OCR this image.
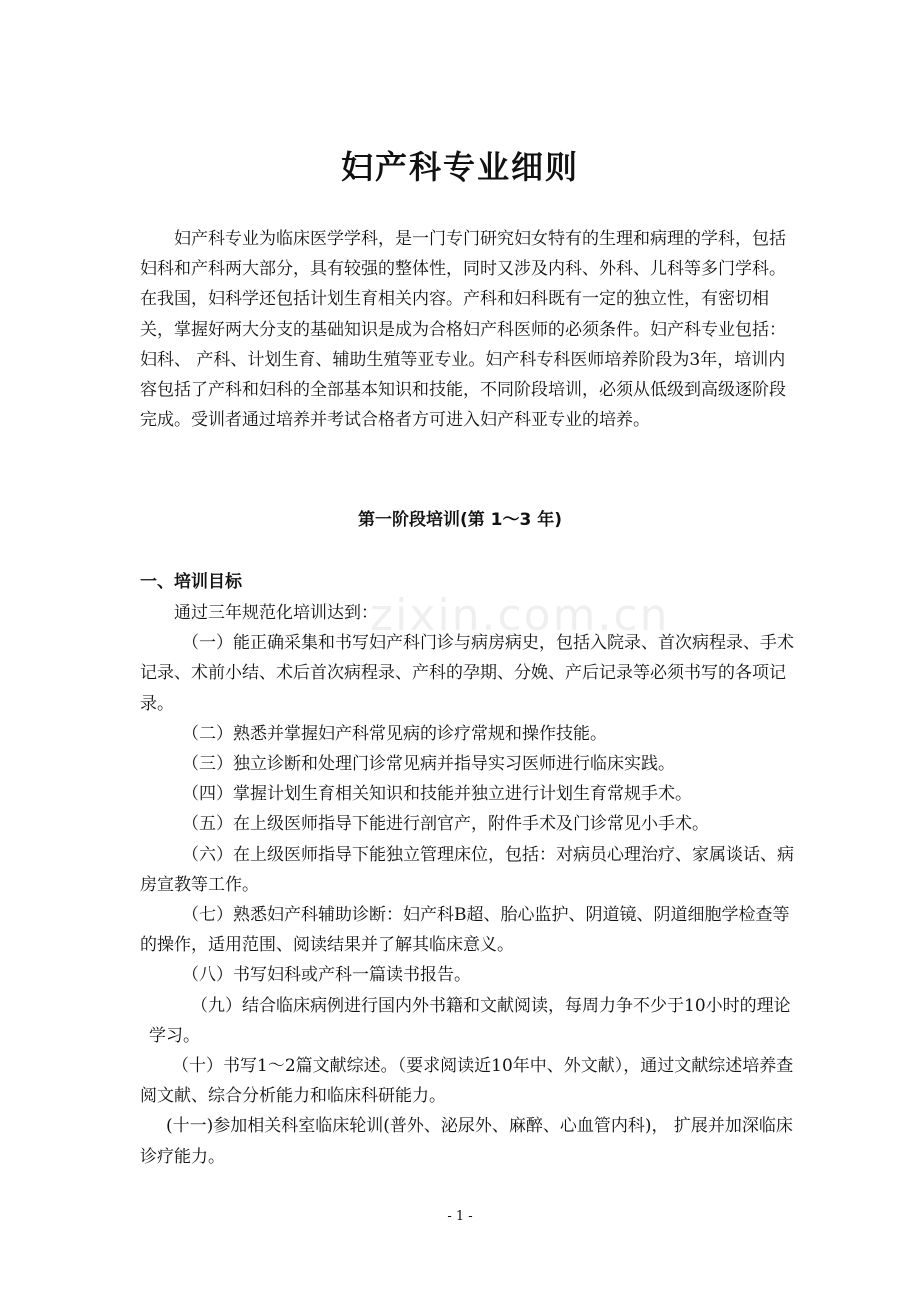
zixin.com.cn
妇产科专业细则

妇产科专业为临床医学学科，是一门专门研究妇女特有的生理和病理的学科，包括妇科和产科两大部分，具有较强的整体性，同时又涉及内科、外科、儿科等多门学科。在我国，妇科学还包括计划生育相关内容。产科和妇科既有一定的独立性，有密切相关，掌握好两大分支的基础知识是成为合格妇产科医师的必须条件。妇产科专业包括：妇科、 产科、计划生育、辅助生殖等亚专业。妇产科专科医师培养阶段为3年，培训内容包括了产科和妇科的全部基本知识和技能，不同阶段培训，必须从低级到高级逐阶段完成。受训者通过培养并考试合格者方可进入妇产科亚专业的培养。

第一阶段培训(第 1～3 年)
一、培训目标

通过三年规范化培训达到：

（一）能正确采集和书写妇产科门诊与病房病史，包括入院录、首次病程录、手术记录、术前小结、术后首次病程录、产科的孕期、分娩、产后记录等必须书写的各项记录。

（二）熟悉并掌握妇产科常见病的诊疗常规和操作技能。

（三）独立诊断和处理门诊常见病并指导实习医师进行临床实践。

（四）掌握计划生育相关知识和技能并独立进行计划生育常规手术。

（五）在上级医师指导下能进行剖官产，附件手术及门诊常见小手术。

（六）在上级医师指导下能独立管理床位，包括：对病员心理治疗、家属谈话、病房宣教等工作。

（七）熟悉妇产科辅助诊断：妇产科B超、胎心监护、阴道镜、阴道细胞学检查等的操作，适用范围、阅读结果并了解其临床意义。

（八）书写妇科或产科一篇读书报告。

（九）结合临床病例进行国内外书籍和文献阅读，每周力争不少于10小时的理论学习。

（十）书写1～2篇文献综述。（要求阅读近10年中、外文献），通过文献综述培养查阅文献、综合分析能力和临床科研能力。

(十一)参加相关科室临床轮训(普外、泌尿外、麻醉、心血管内科)， 扩展并加深临床诊疗能力。

- 1 -
